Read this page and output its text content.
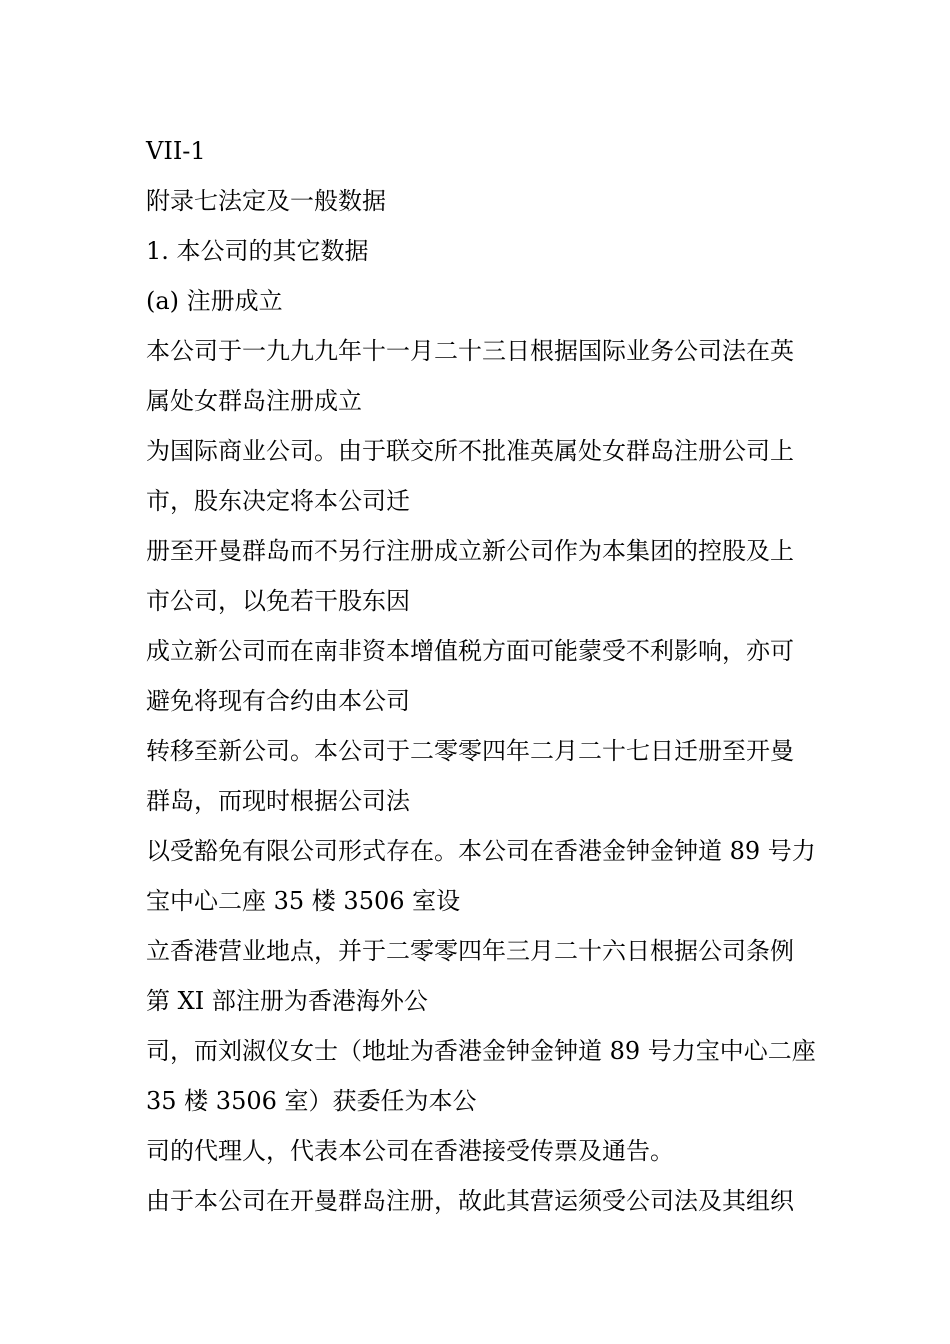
VII-1
附录七法定及一般数据
1. 本公司的其它数据
(a) 注册成立
本公司于一九九九年十一月二十三日根据国际业务公司法在英
属处女群岛注册成立
为国际商业公司。由于联交所不批准英属处女群岛注册公司上
市，股东决定将本公司迁
册至开曼群岛而不另行注册成立新公司作为本集团的控股及上
市公司，以免若干股东因
成立新公司而在南非资本增值税方面可能蒙受不利影响，亦可
避免将现有合约由本公司
转移至新公司。本公司于二零零四年二月二十七日迁册至开曼
群岛，而现时根据公司法
以受豁免有限公司形式存在。本公司在香港金钟金钟道 89 号力
宝中心二座 35 楼 3506 室设
立香港营业地点，并于二零零四年三月二十六日根据公司条例
第 XI 部注册为香港海外公
司，而刘淑仪女士（地址为香港金钟金钟道 89 号力宝中心二座
35 楼 3506 室）获委任为本公
司的代理人，代表本公司在香港接受传票及通告。
由于本公司在开曼群岛注册，故此其营运须受公司法及其组织
